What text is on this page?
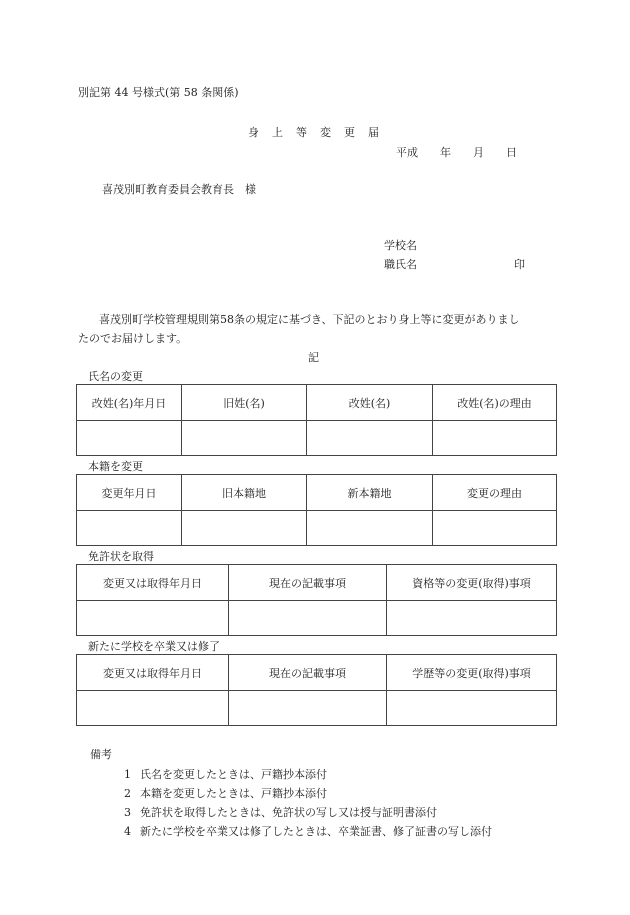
別記第 44 号様式(第 58 条関係)
身　上　等　変　更　届
平成　　年　　月　　日
喜茂別町教育委員会教育長　様
学校名
職氏名	印
喜茂別町学校管理規則第58条の規定に基づき、下記のとおり身上等に変更がありまし
たのでお届けします。
記
氏名の変更
改姓(名)年月日	旧姓(名)	改姓(名)	改姓(名)の理由

本籍を変更
変更年月日	旧本籍地	新本籍地	変更の理由

免許状を取得
変更又は取得年月日	現在の記載事項	資格等の変更(取得)事項

新たに学校を卒業又は修了
変更又は取得年月日	現在の記載事項	学歴等の変更(取得)事項

備考
1 氏名を変更したときは、戸籍抄本添付
2 本籍を変更したときは、戸籍抄本添付
3 免許状を取得したときは、免許状の写し又は授与証明書添付
4 新たに学校を卒業又は修了したときは、卒業証書、修了証書の写し添付
